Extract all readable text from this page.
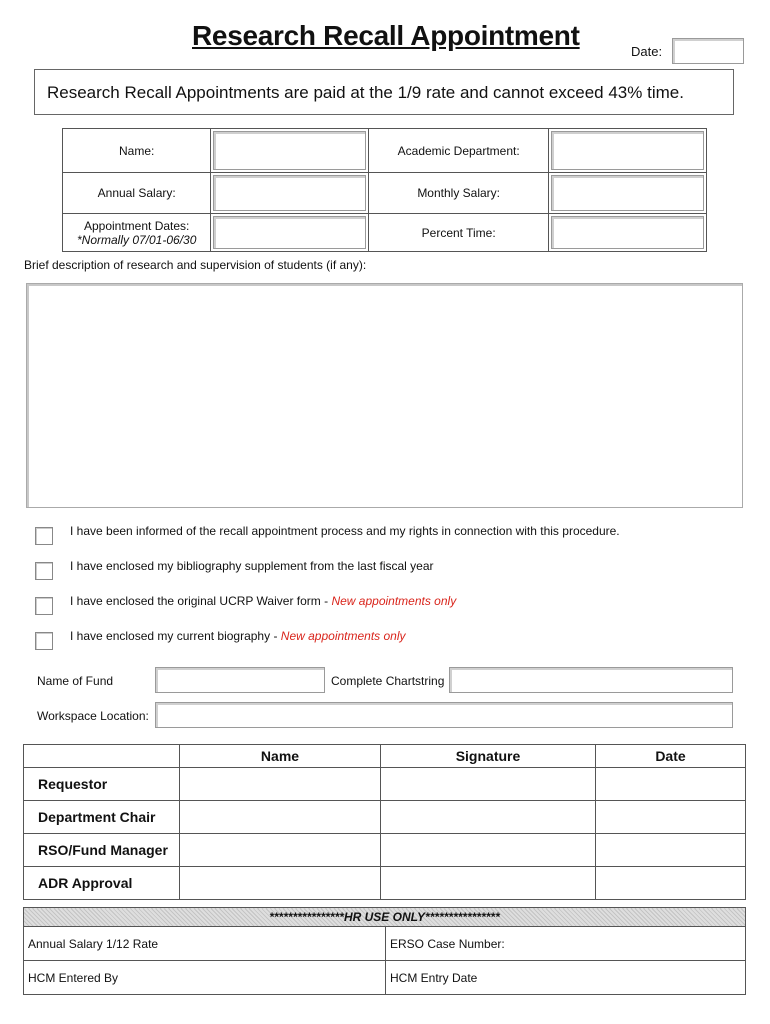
Research Recall Appointment
Date:
Research Recall Appointments are paid at the 1/9 rate and cannot exceed 43% time.
Name:		Academic Department:	

Annual Salary:		Monthly Salary:	

Appointment Dates:
*Normally 07/01-06/30		Percent Time:	
Brief description of research and supervision of students (if any):
I have been informed of the recall appointment process and my rights in connection with this procedure.
I have enclosed my bibliography supplement from the last fiscal year
I have enclosed the original UCRP Waiver form - New appointments only
I have enclosed my current biography - New appointments only
Name of Fund	Complete Chartstring
Workspace Location:
	Name	Signature	Date
Requestor			
Department Chair			
RSO/Fund Manager			
ADR Approval			
****************HR USE ONLY****************	
Annual Salary 1/12 Rate	ERSO Case Number:
HCM Entered By	HCM Entry Date
